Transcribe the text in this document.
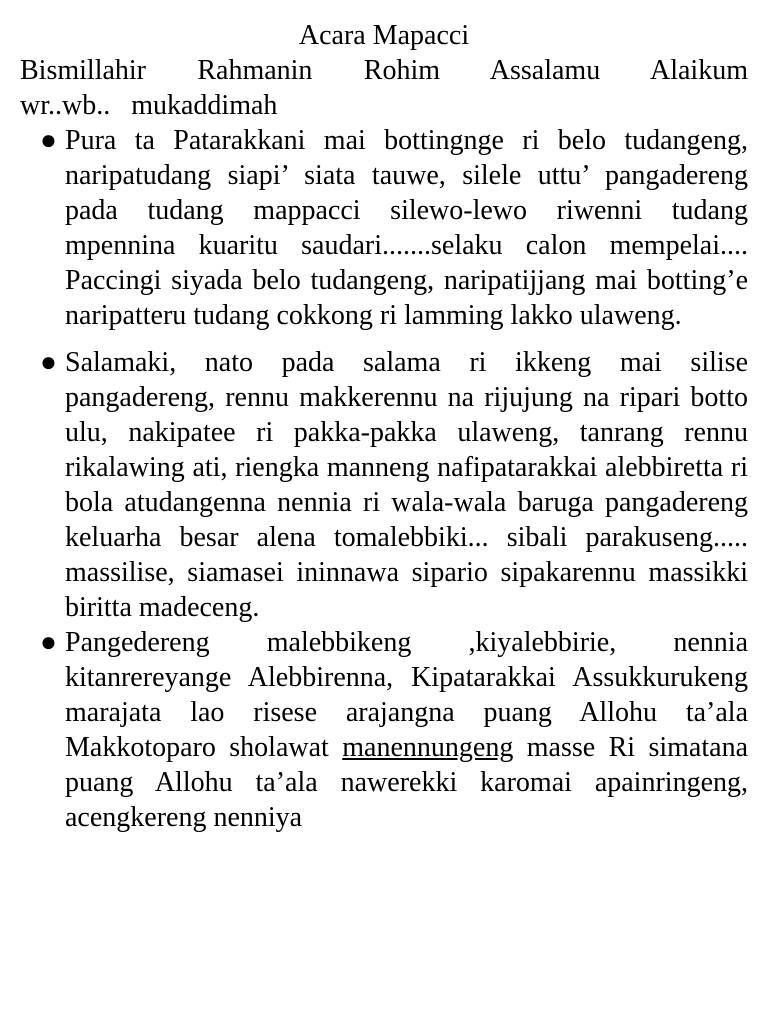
Acara Mapacci

Bismillahir Rahmanin Rohim Assalamu Alaikum
wr..wb..   mukaddimah

● Pura ta Patarakkani mai bottingnge ri belo tudangeng, naripatudang siapi’ siata tauwe, silele uttu’ pangadereng pada tudang mappacci silewo-lewo riwenni tudang mpennina kuaritu saudari.......selaku calon mempelai.... Paccingi siyada belo tudangeng, naripatijjang mai botting’e naripatteru tudang cokkong ri lamming lakko ulaweng.
● Salamaki, nato pada salama ri ikkeng mai silise pangadereng, rennu makkerennu na rijujung na ripari botto ulu, nakipatee ri pakka-pakka ulaweng, tanrang rennu rikalawing ati, riengka manneng nafipatarakkai alebbiretta ri bola atudangenna nennia ri wala-wala baruga pangadereng keluarha besar alena tomalebbiki... sibali parakuseng..... massilise, siamasei ininnawa sipario sipakarennu massikki biritta madeceng.
● Pangedereng malebbikeng ,kiyalebbirie, nennia kitanrereyange Alebbirenna, Kipatarakkai Assukkurukeng marajata lao risese arajangna puang Allohu ta’ala Makkotoparo sholawat manennungeng masse Ri simatana puang Allohu ta’ala nawerekki karomai apainringeng, acengkereng nenniya
